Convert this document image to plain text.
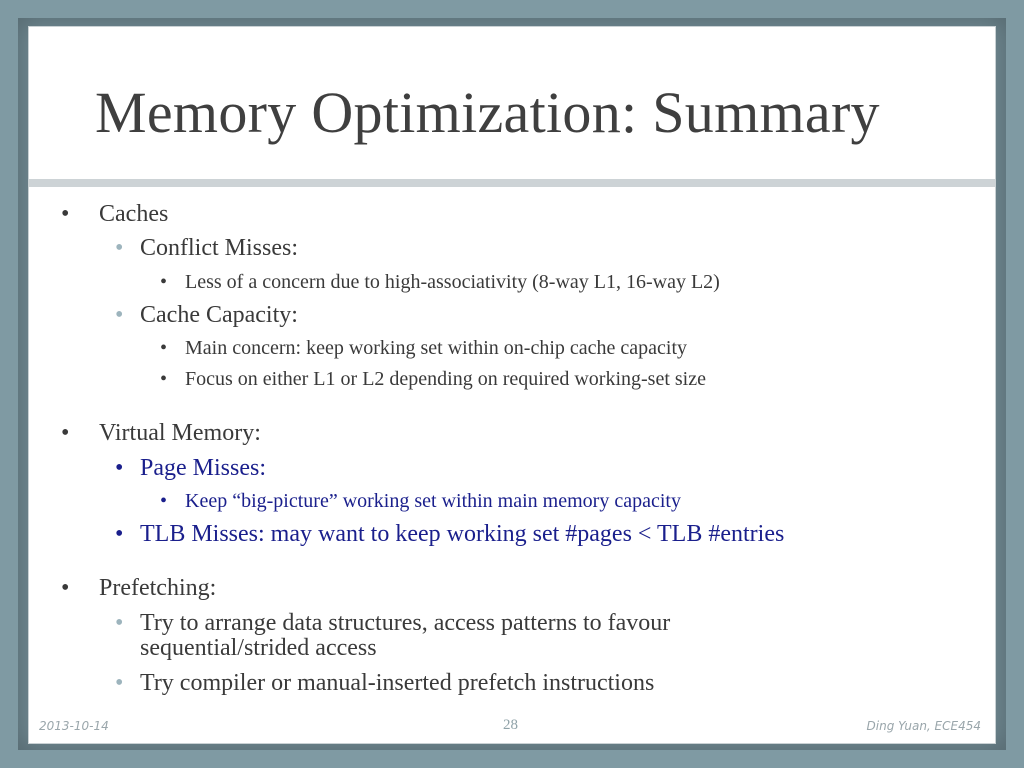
Memory Optimization: Summary
• Caches
• Conflict Misses:
• Less of a concern due to high-associativity (8-way L1, 16-way L2)
• Cache Capacity:
• Main concern: keep working set within on-chip cache capacity
• Focus on either L1 or L2 depending on required working-set size
• Virtual Memory:
• Page Misses:
• Keep “big-picture” working set within main memory capacity
• TLB Misses: may want to keep working set #pages < TLB #entries
• Prefetching:
• Try to arrange data structures, access patterns to favour
sequential/strided access
• Try compiler or manual-inserted prefetch instructions
2013-10-14	28	Ding Yuan, ECE454
